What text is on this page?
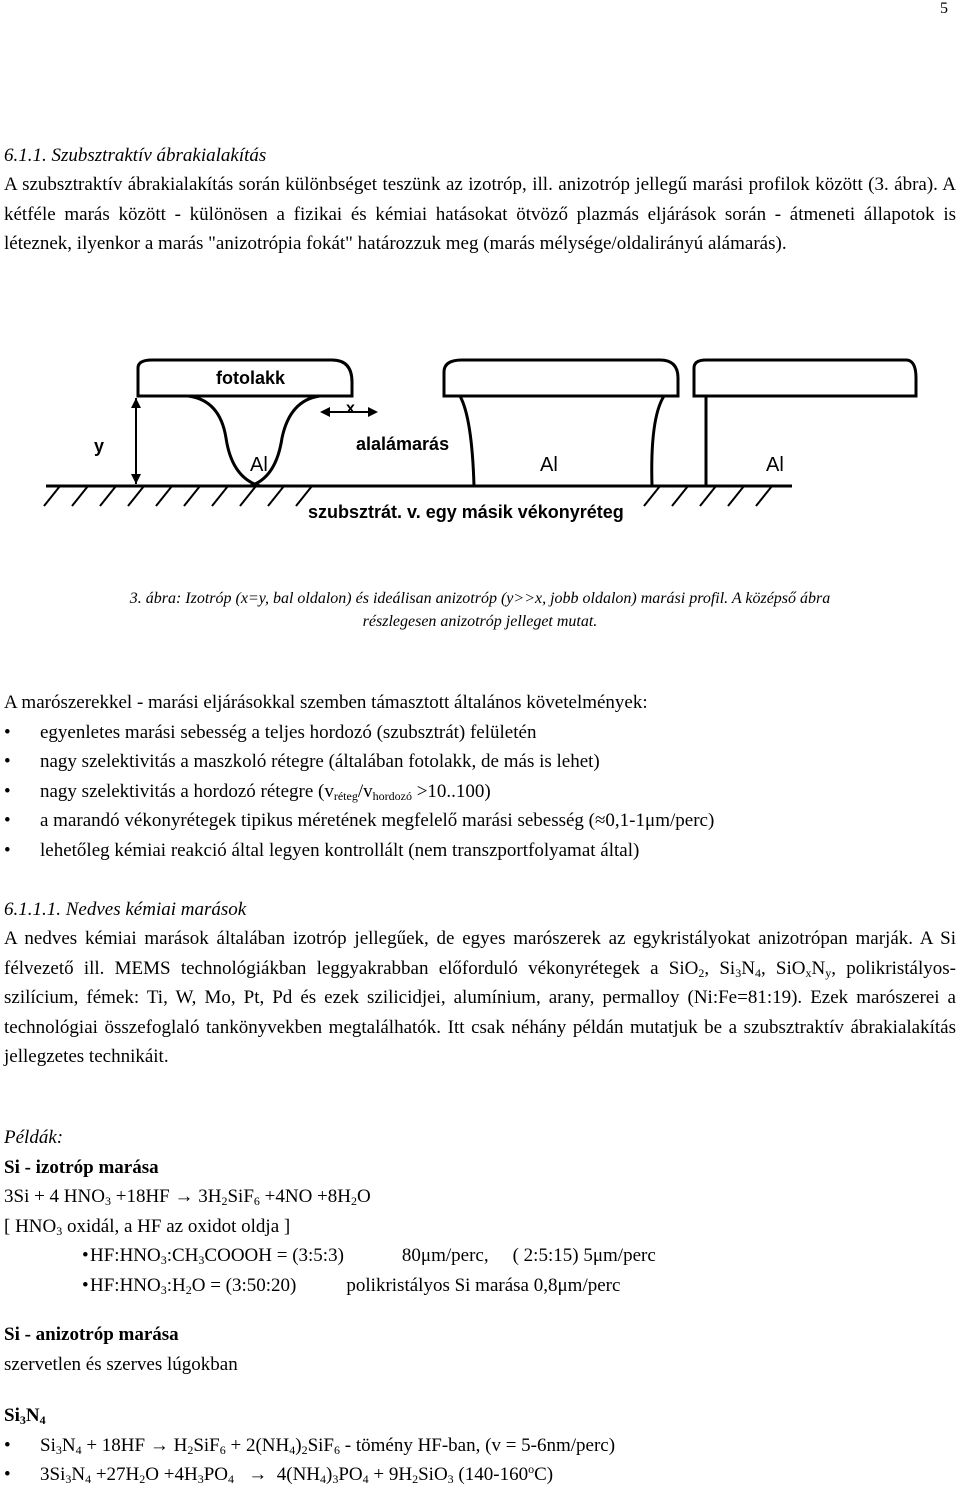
5
6.1.1. Szubsztraktív ábrakialakítás
A szubsztraktív ábrakialakítás során különbséget teszünk az izotróp, ill. anizotróp jellegű marási profilok között (3. ábra). A kétféle marás között - különösen a fizikai és kémiai hatásokat ötvöző plazmás eljárások során - átmeneti állapotok is léteznek, ilyenkor a marás "anizotrópia fokát" határozzuk meg (marás mélysége/oldalirányú alámarás).
fotolakk
y
x
alalámarás
Al	Al	Al
szubsztrát. v. egy másik vékonyréteg
3. ábra: Izotróp (x=y, bal oldalon) és ideálisan anizotróp (y>>x, jobb oldalon) marási profil. A középső ábra
részlegesen anizotróp jelleget mutat.
A marószerekkel - marási eljárásokkal szemben támasztott általános követelmények:
• egyenletes marási sebesség a teljes hordozó (szubsztrát) felületén
• nagy szelektivitás a maszkoló rétegre (általában fotolakk, de más is lehet)
• nagy szelektivitás a hordozó rétegre $(v_{réteg}/v_{hordozó} >10..100)$
• a marandó vékonyrétegek tipikus méretének megfelelő marási sebesség (≈0,1-1μm/perc)
• lehetőleg kémiai reakció által legyen kontrollált (nem transzportfolyamat által)
6.1.1.1. Nedves kémiai marások
A nedves kémiai marások általában izotróp jellegűek, de egyes marószerek az egykristályokat anizotrópan marják. A Si félvezető ill. MEMS technológiákban leggyakrabban előforduló vékonyrétegek a SiO$_2$, $Si_3N_4$, $SiO_xN_y$, polikristályos-szilícium, fémek: Ti, W, Mo, Pt, Pd és ezek szilicidjei, alumínium, arany, permalloy (Ni:Fe=81:19). Ezek marószerei a technológiai összefoglaló tankönyvekben megtalálhatók. Itt csak néhány példán mutatjuk be a szubsztraktív ábrakialakítás jellegzetes technikáit.
Példák:
Si - izotróp marása
3Si + 4 $HNO_3 +18HF \to 3H_2SiF_6 +4NO +8H_2O$
[ $HNO_3$ oxidál, a HF az oxidot oldja ]
• $HF:HNO_3:CH_3COOOH$ = (3:5:3)	80μm/perc, ( 2:5:15) 5μm/perc
• $HF:HNO_3:H_2O$ = (3:50:20)	polikristályos Si marása 0,8μm/perc
Si - anizotróp marása
szervetlen és szerves lúgokban
$Si_3N_4$
• $Si_3N_4 + 18HF \to H_2SiF_6 + 2(NH_4)_2SiF_6$ - tömény HF-ban, (v = 5-6nm/perc)
• $3Si_3N_4 +27H_2O +4H_3PO_4 \to 4(NH_4)_3PO_4 + 9H_2SiO_3$ (140-160$^o$C)
